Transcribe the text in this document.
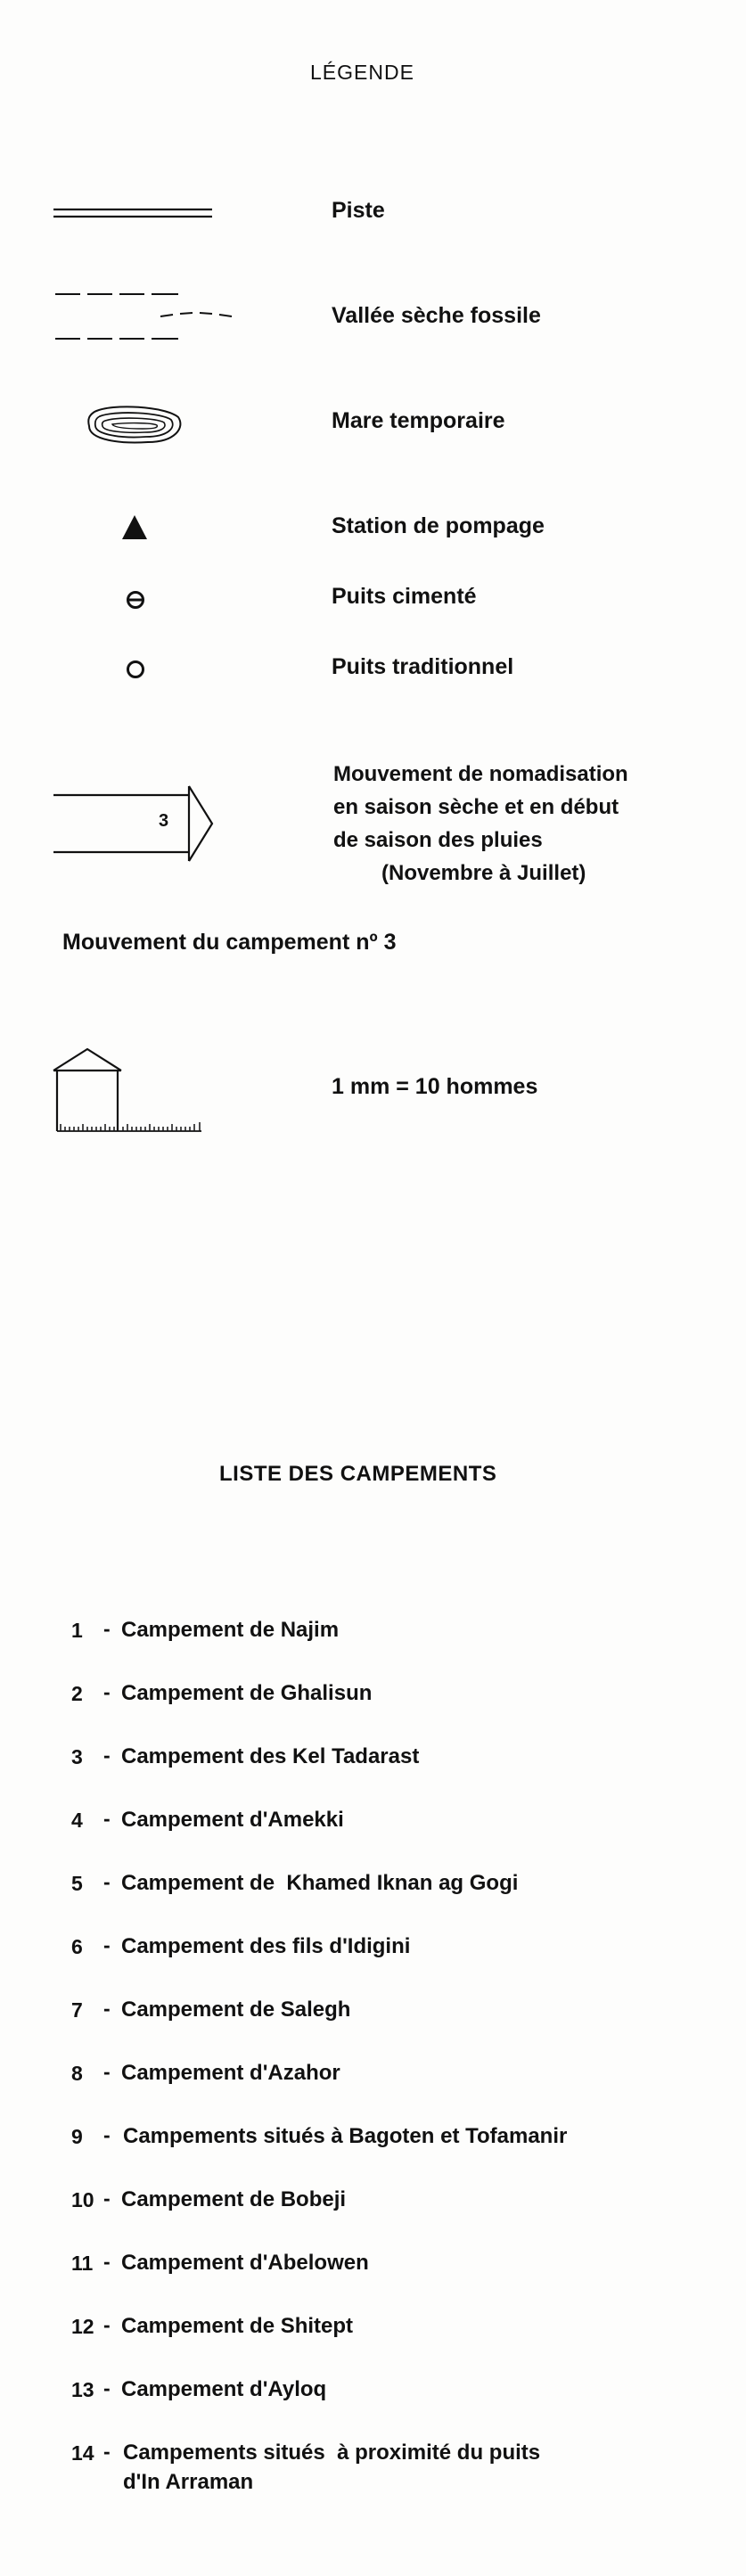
LÉGENDE
Piste
Vallée sèche fossile
Mare temporaire
Station de pompage
Puits cimenté
Puits traditionnel
3
Mouvement de nomadisation
en saison sèche et en début
de saison des pluies
(Novembre à Juillet)
Mouvement du campement nº 3
1 mm = 10 hommes
LISTE DES CAMPEMENTS
1	- Campement de Najim
2	- Campement de Ghalisun
3	- Campement des Kel Tadarast
4	- Campement d'Amekki
5	- Campement de  Khamed Iknan ag Gogi
6	- Campement des fils d'Idigini
7	- Campement de Salegh
8	- Campement d'Azahor
9	- Campements situés à Bagoten et Tofamanir
10 - Campement de Bobeji
11 - Campement d'Abelowen
12 - Campement de Shitept
13 - Campement d'Ayloq
14 - Campements situés  à proximité du puits
d'In Arraman
